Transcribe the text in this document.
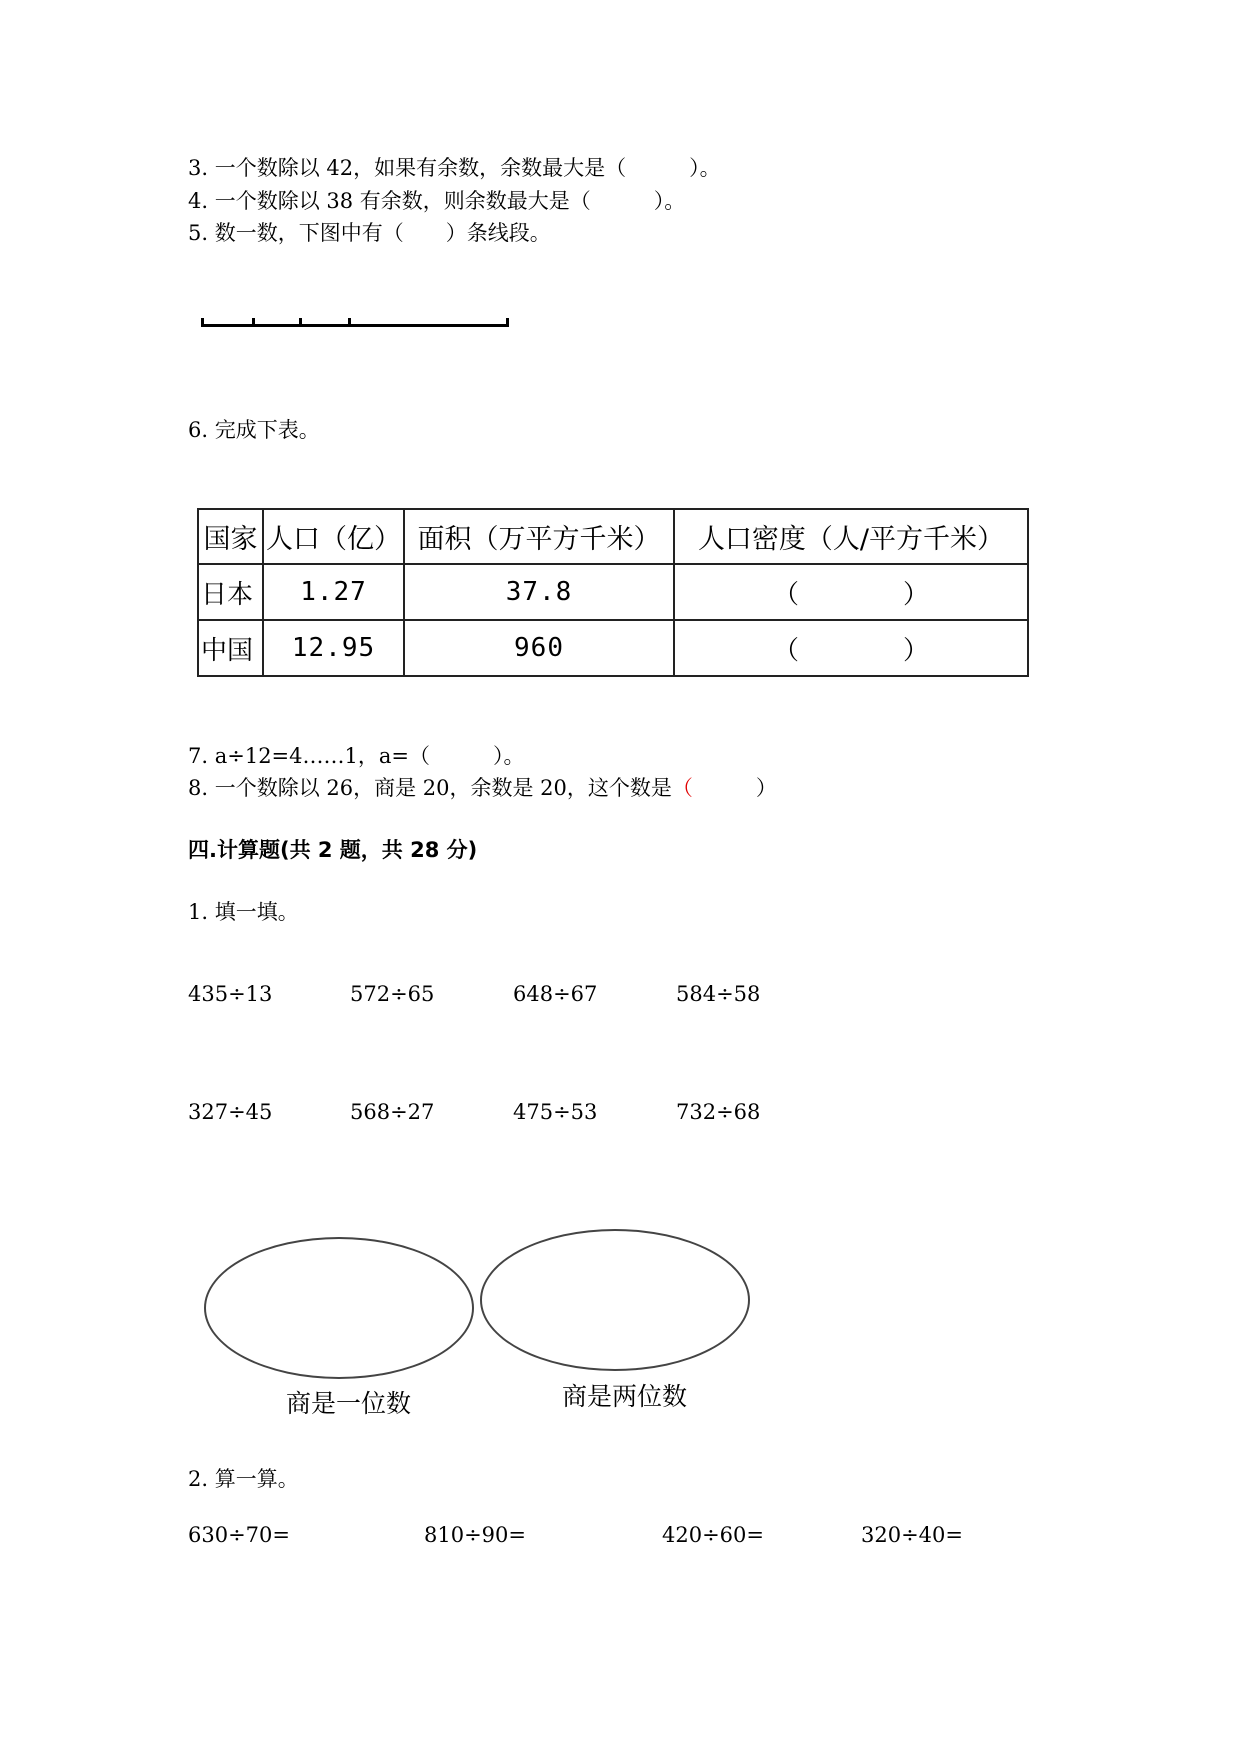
3. 一个数除以 42，如果有余数，余数最大是（　　　）。
4. 一个数除以 38 有余数，则余数最大是（　　　）。
5. 数一数，下图中有（　　）条线段。
6. 完成下表。
国家	人口（亿）	面积（万平方千米）	人口密度（人/平方千米）
日本	1.27	37.8	（　　　　）
中国	12.95	960	（　　　　）
7. a÷12=4……1，a=（　　　）。
8. 一个数除以 26，商是 20，余数是 20，这个数是（　　　）
四.计算题(共 2 题，共 28 分)
1. 填一填。
435÷13	572÷65	648÷67	584÷58
327÷45	568÷27	475÷53	732÷68
商是一位数	商是两位数
2. 算一算。
630÷70=	810÷90=	420÷60=	320÷40=
